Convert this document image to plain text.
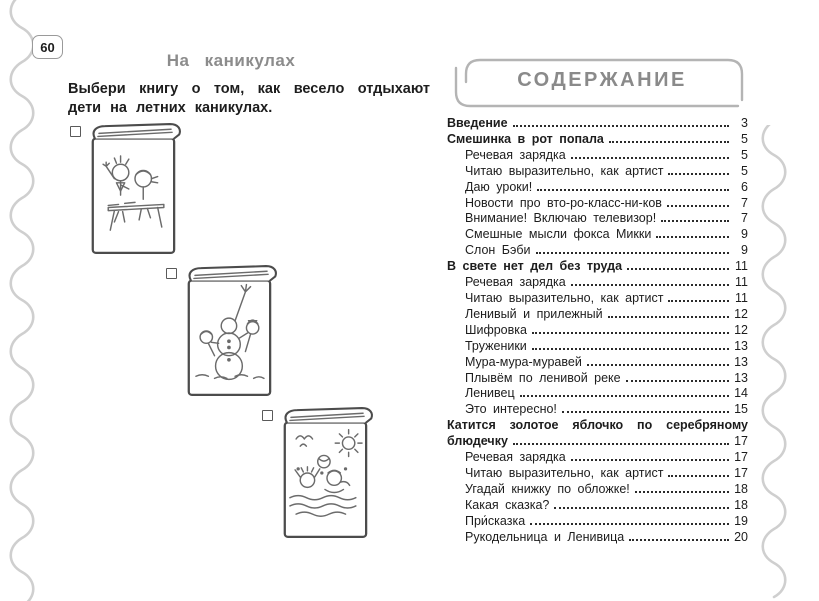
60
На каникулах

Выбери книгу о том, как весело отдыхают дети на летних каникулах.

СОДЕРЖАНИЕ
Введение	3
Смешинка в рот попала	5
Речевая зарядка	5
Читаю выразительно, как артист	5
Даю уроки!	6
Новости про вто-ро-класс-ни-ков	7
Внимание! Включаю телевизор!	7
Смешные мысли фокса Микки	9
Слон Бэби	9
В свете нет дел без труда	11
Речевая зарядка	11
Читаю выразительно, как артист	11
Ленивый и прилежный	12
Шифровка	12
Труженики	13
Мура-мура-муравей	13
Плывём по ленивой реке	13
Ленивец	14
Это интересно!	15
Катится золотое яблочко по серебряному
блюдечку	17
Речевая зарядка	17
Читаю выразительно, как артист	17
Угадай книжку по обложке!	18
Какая сказка?	18
При́сказка	19
Рукодельница и Ленивица	20
